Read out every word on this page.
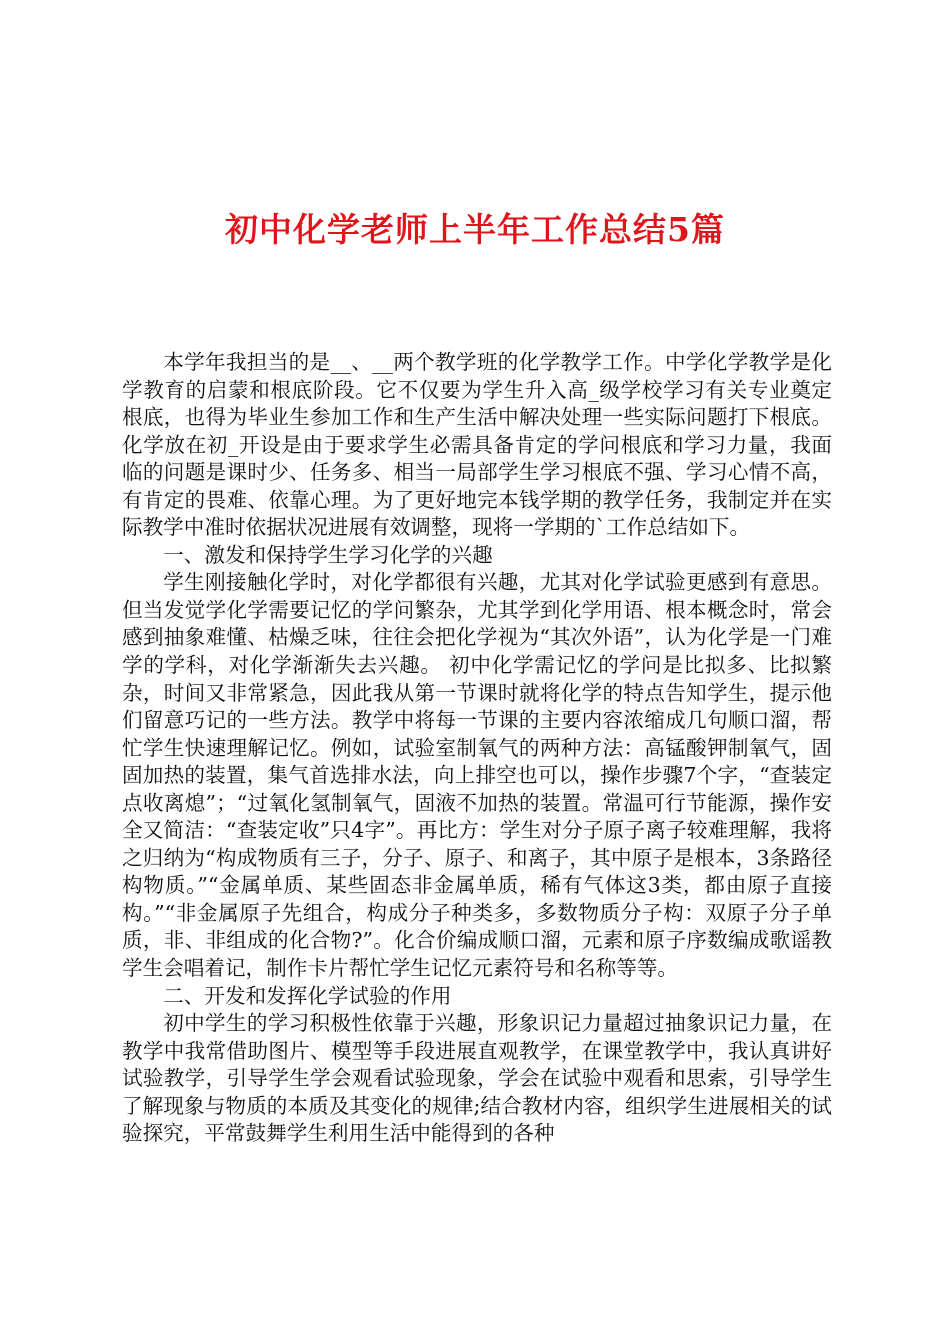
初中化学老师上半年工作总结5篇

本学年我担当的是__、__两个教学班的化学教学工作。中学化学教学是化学教育的启蒙和根底阶段。它不仅要为学生升入高_级学校学习有关专业奠定根底，也得为毕业生参加工作和生产生活中解决处理一些实际问题打下根底。化学放在初_开设是由于要求学生必需具备肯定的学问根底和学习力量，我面临的问题是课时少、任务多、相当一局部学生学习根底不强、学习心情不高，有肯定的畏难、依靠心理。为了更好地完本钱学期的教学任务，我制定并在实际教学中准时依据状况进展有效调整，现将一学期的`工作总结如下。

一、激发和保持学生学习化学的兴趣

学生刚接触化学时，对化学都很有兴趣，尤其对化学试验更感到有意思。但当发觉学化学需要记忆的学问繁杂，尤其学到化学用语、根本概念时，常会感到抽象难懂、枯燥乏味，往往会把化学视为“其次外语”，认为化学是一门难学的学科，对化学渐渐失去兴趣。 初中化学需记忆的学问是比拟多、比拟繁杂，时间又非常紧急，因此我从第一节课时就将化学的特点告知学生，提示他们留意巧记的一些方法。教学中将每一节课的主要内容浓缩成几句顺口溜，帮忙学生快速理解记忆。例如，试验室制氧气的两种方法：高锰酸钾制氧气，固固加热的装置，集气首选排水法，向上排空也可以，操作步骤7个字，“查装定点收离熄”；“过氧化氢制氧气，固液不加热的装置。常温可行节能源，操作安全又简洁：“查装定收”只4字”。再比方：学生对分子原子离子较难理解，我将之归纳为“构成物质有三子，分子、原子、和离子，其中原子是根本，3条路径构物质。”“金属单质、某些固态非金属单质，稀有气体这3类，都由原子直接构。”“非金属原子先组合，构成分子种类多，多数物质分子构：双原子分子单质，非、非组成的化合物?”。化合价编成顺口溜，元素和原子序数编成歌谣教学生会唱着记，制作卡片帮忙学生记忆元素符号和名称等等。

二、开发和发挥化学试验的作用

初中学生的学习积极性依靠于兴趣，形象识记力量超过抽象识记力量，在教学中我常借助图片、模型等手段进展直观教学，在课堂教学中，我认真讲好试验教学，引导学生学会观看试验现象，学会在试验中观看和思索，引导学生了解现象与物质的本质及其变化的规律;结合教材内容，组织学生进展相关的试验探究，平常鼓舞学生利用生活中能得到的各种
